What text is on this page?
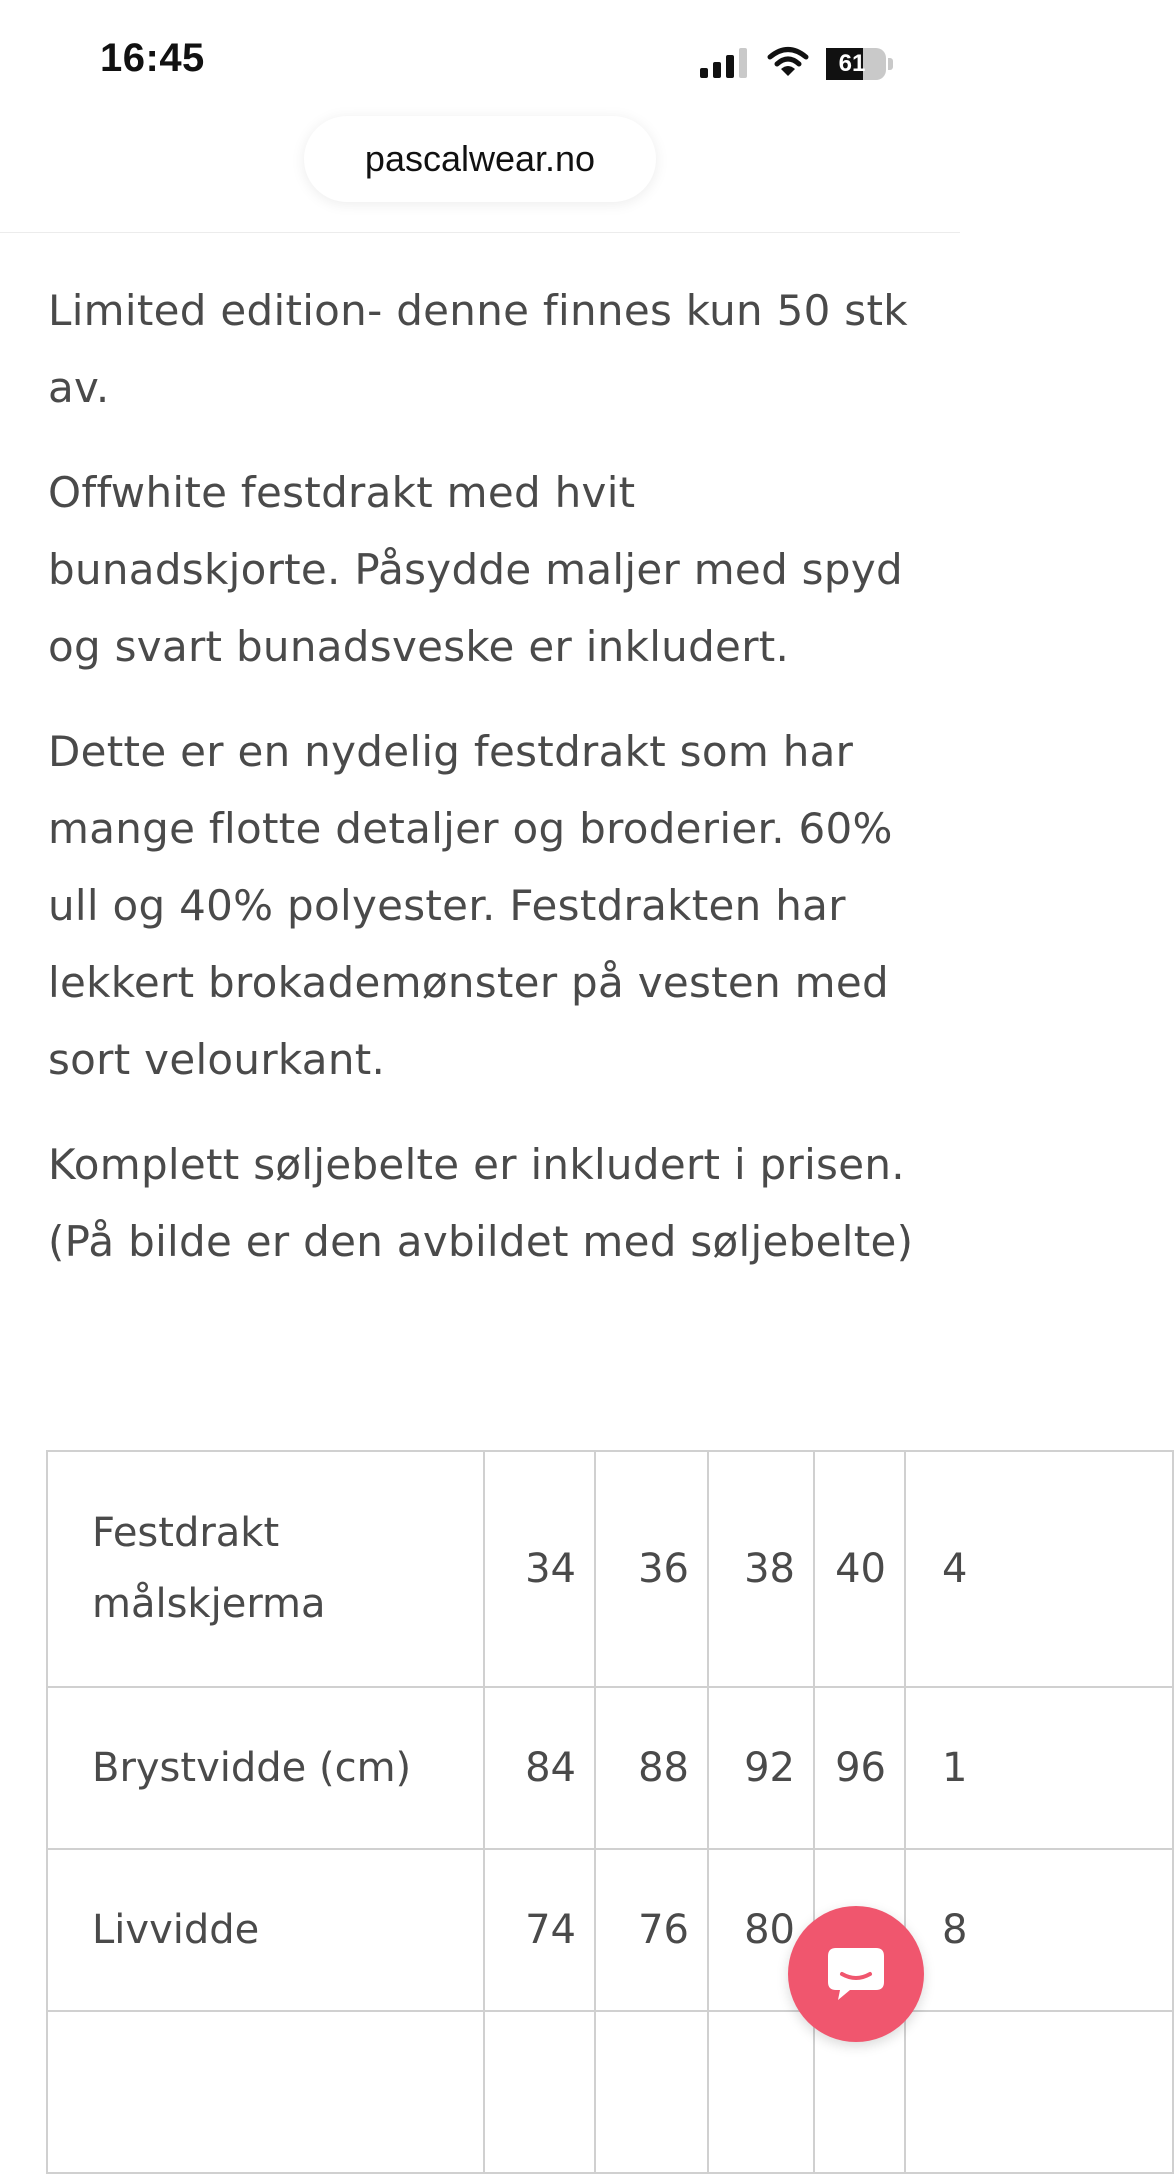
16:45	61
pascalwear.no

Limited edition- denne finnes kun 50 stk av.

Offwhite festdrakt med hvit bunadskjorte. Påsydde maljer med spyd og svart bunadsveske er inkludert.

Dette er en nydelig festdrakt som har mange flotte detaljer og broderier. 60% ull og 40% polyester. Festdrakten har lekkert brokademønster på vesten med sort velourkant.

Komplett søljebelte er inkludert i prisen. (På bilde er den avbildet med søljebelte)

Festdrakt målskjerma	34	36	38	40	4
Brystvidde (cm)	84	88	92	96	1
Livvidde	74	76	80		8
